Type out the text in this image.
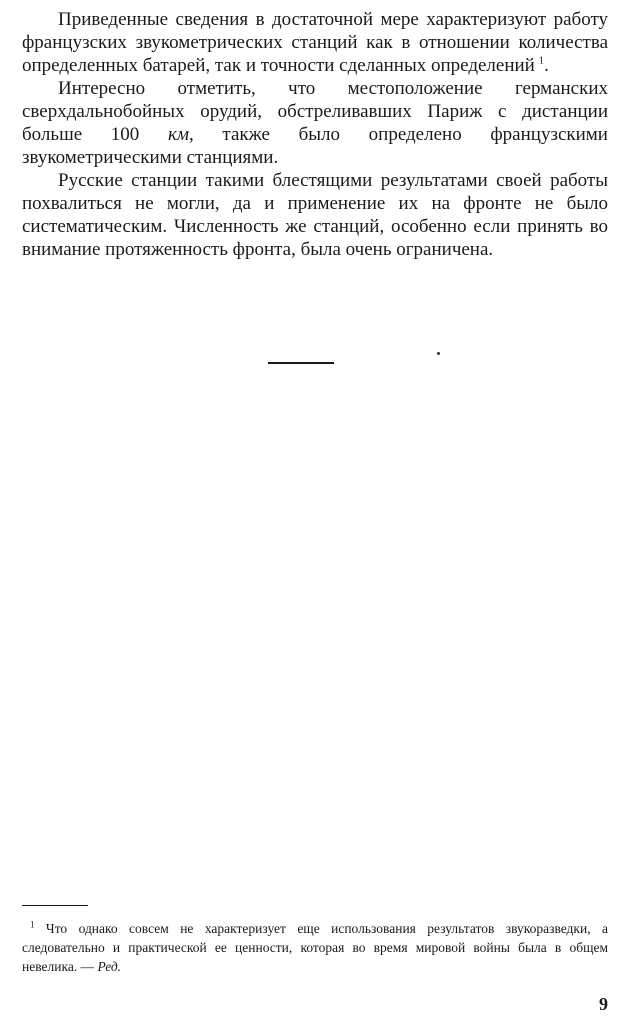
Приведенные сведения в достаточной мере характеризуют работу французских звукометрических станций как в отношении количества определенных батарей, так и точности сделанных определений  $^1$.

Интересно отметить, что местоположение германских сверхдальнобойных орудий, обстреливавших Париж с дистанции больше 100 км, также было определено французскими звукометрическими станциями.

Русские станции такими блестящими результатами своей работы похвалиться не могли, да и применение их на фронте не было систематическим. Численность же станций, особенно если принять во внимание протяженность фронта, была очень ограничена.

$^1$ Что однако совсем не характеризует еще использования результатов звукоразведки, а следовательно и практической ее ценности, которая во время мировой войны была в общем невелика. — Ред.

9
